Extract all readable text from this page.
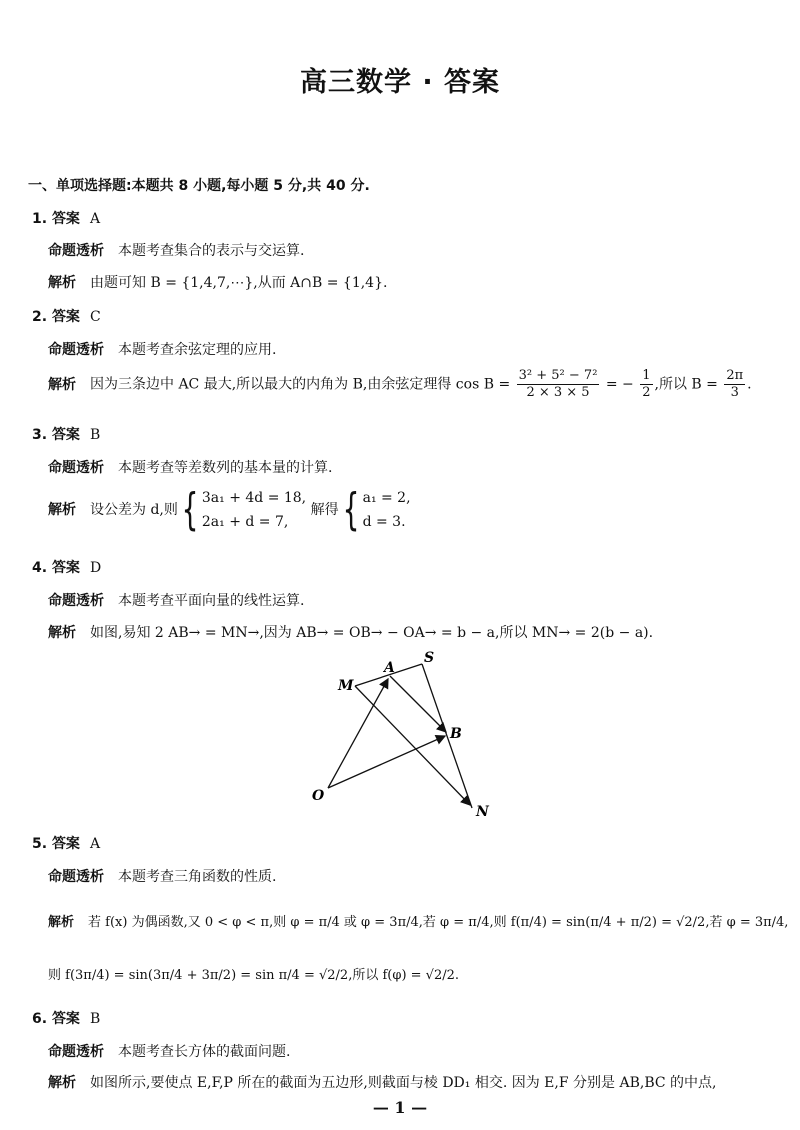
高三数学 · 答案
一、单项选择题:本题共 8 小题,每小题 5 分,共 40 分.
1. 答案 A
命题透析 本题考查集合的表示与交运算.
解析 由题可知 B = {1,4,7,⋯},从而 A∩B = {1,4}.
2. 答案 C
命题透析 本题考查余弦定理的应用.
解析 因为三条边中 AC 最大,所以最大的内角为 B,由余弦定理得 $\cos B = \frac{\text{3² + 5² − 7²}}{2 \times 3 \times 5}$ = − $\frac{1}{2}$ ,所以 $B = \frac{2\pi}{3}$ .
3. 答案 B
命题透析 本题考查等差数列的基本量的计算.
解析 设公差为 d,则{ 3a₁ + 4d = 18,
2a₁ + d = 7,
解得{ a₁ = 2,
d = 3.
4. 答案 D
命题透析 本题考查平面向量的线性运算.
解析 如图,易知 2 AB→ = MN→,因为 AB→ = OB→ − OA→ = b − a,所以 MN→ = 2(b − a).
A
S
M
B
O
N
5. 答案 A
命题透析 本题考查三角函数的性质.
解析 若 f(x) 为偶函数,又 0 < φ < π,则 φ = π/4 或 φ = 3π/4,若 φ = π/4,则 f(π/4) = sin(π/4 + π/2) = √2/2,若 φ = 3π/4,
则 f(3π/4) = sin(3π/4 + 3π/2) = sin π/4 = √2/2,所以 f(φ) = √2/2.
6. 答案 B
命题透析 本题考查长方体的截面问题.
解析 如图所示,要使点 E,F,P 所在的截面为五边形,则截面与棱 DD₁ 相交. 因为 E,F 分别是 AB,BC 的中点,
— 1 —
